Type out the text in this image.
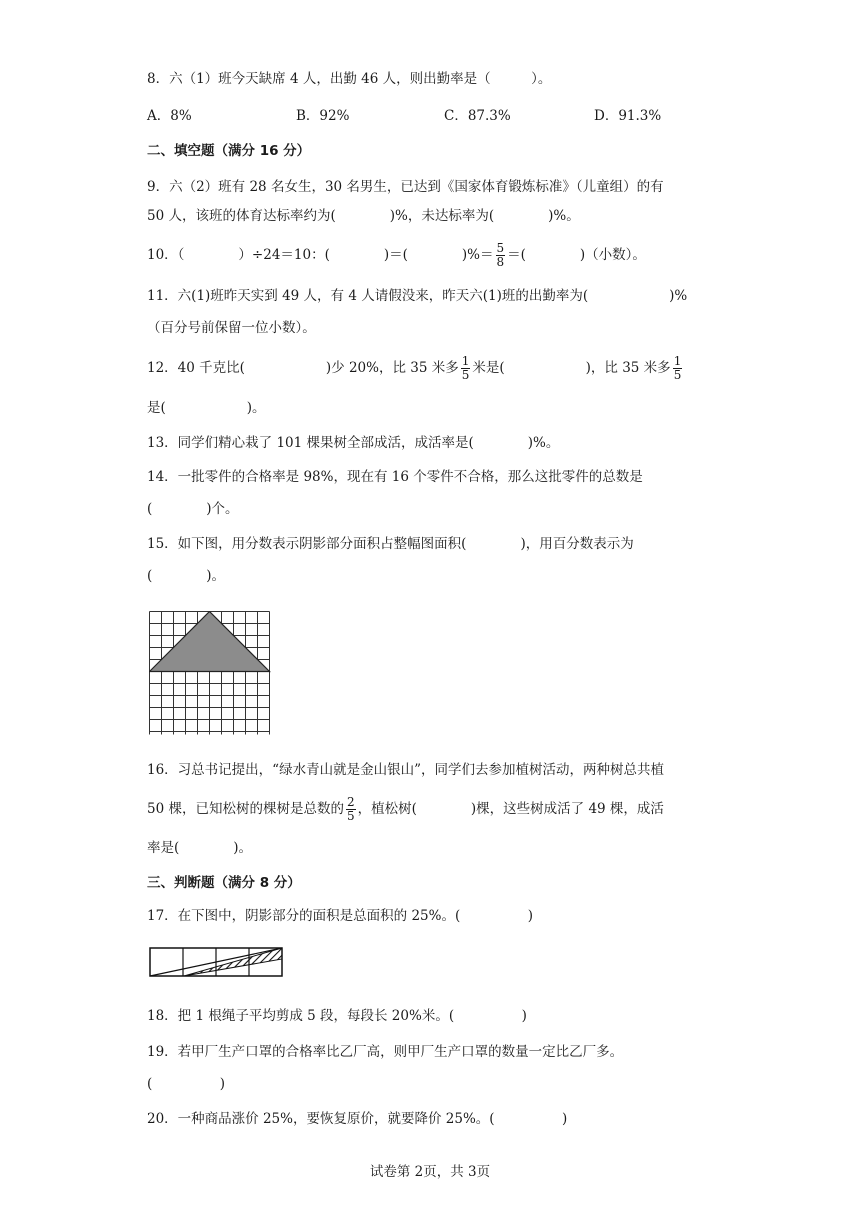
8．六（1）班今天缺席 4 人，出勤 46 人，则出勤率是（　　　）。
A．8%	B．92%	C．87.3%	D．91.3%
二、填空题（满分 16 分）
9．六（2）班有 28 名女生，30 名男生，已达到《国家体育锻炼标准》（儿童组）的有
50 人，该班的体育达标率约为(　　　　)%，未达标率为(　　　　)%。
10．（　　　　）÷24＝10：(　　　　)＝(　　　　)%＝ $\frac{5}{8}$ ＝(　　　　)（小数）。
11．六(1)班昨天实到 49 人，有 4 人请假没来，昨天六(1)班的出勤率为(　　　　　　)%
（百分号前保留一位小数）。
12．40 千克比(　　　　　　)少 20%，比 35 米多 $\frac{1}{5}$ 米是(　　　　　　)，比 35 米多 $\frac{1}{5}$
是(　　　　　　)。
13．同学们精心栽了 101 棵果树全部成活，成活率是(　　　　)%。
14．一批零件的合格率是 98%，现在有 16 个零件不合格，那么这批零件的总数是
(　　　　)个。
15．如下图，用分数表示阴影部分面积占整幅图面积(　　　　)，用百分数表示为
(　　　　)。
16．习总书记提出，“绿水青山就是金山银山”，同学们去参加植树活动，两种树总共植
50 棵，已知松树的棵树是总数的 $\frac{2}{5}$ ，植松树(　　　　)棵，这些树成活了 49 棵，成活
率是(　　　　)。
三、判断题（满分 8 分）
17．在下图中，阴影部分的面积是总面积的 25%。(　　　　　)
18．把 1 根绳子平均剪成 5 段，每段长 20%米。(　　　　　)
19．若甲厂生产口罩的合格率比乙厂高，则甲厂生产口罩的数量一定比乙厂多。
(　　　　　)
20．一种商品涨价 25%，要恢复原价，就要降价 25%。(　　　　　)
试卷第 2页，共 3页
